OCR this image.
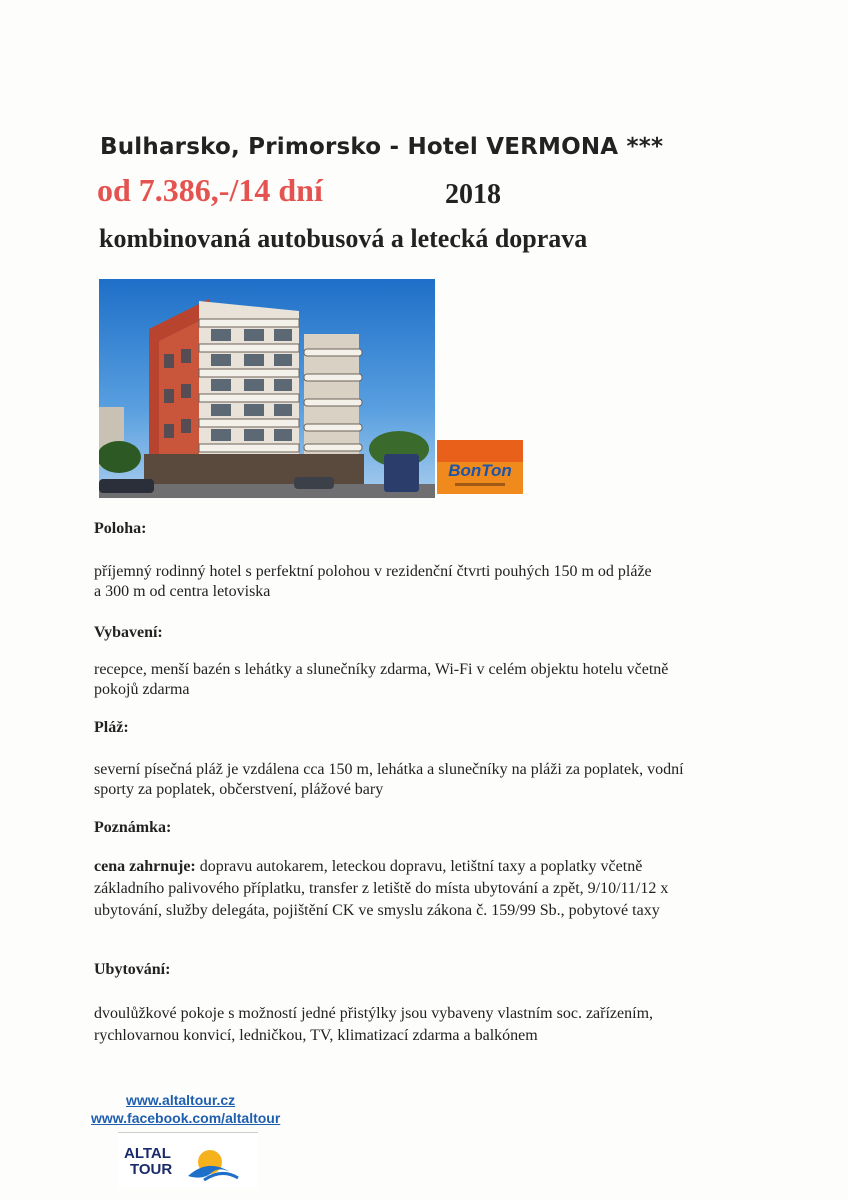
Bulharsko, Primorsko - Hotel VERMONA ***
od 7.386,-/14 dní	2018
kombinovaná autobusová a letecká doprava
BonTon
Poloha:
příjemný rodinný hotel s perfektní polohou v rezidenční čtvrti pouhých 150 m od pláže
a 300 m od centra letoviska
Vybavení:
recepce, menší bazén s lehátky a slunečníky zdarma, Wi-Fi v celém objektu hotelu včetně
pokojů zdarma
Pláž:
severní písečná pláž je vzdálena cca 150 m, lehátka a slunečníky na pláži za poplatek, vodní
sporty za poplatek, občerstvení, plážové bary
Poznámka:
cena zahrnuje: dopravu autokarem, leteckou dopravu, letištní taxy a poplatky včetně
základního palivového příplatku, transfer z letiště do místa ubytování a zpět, 9/10/11/12 x
ubytování, služby delegáta, pojištění CK ve smyslu zákona č. 159/99 Sb., pobytové taxy
Ubytování:
dvoulůžkové pokoje s možností jedné přistýlky jsou vybaveny vlastním soc. zařízením,
rychlovarnou konvicí, ledničkou, TV, klimatizací zdarma a balkónem
www.altaltour.cz
www.facebook.com/altaltour
ALTAL
TOUR
